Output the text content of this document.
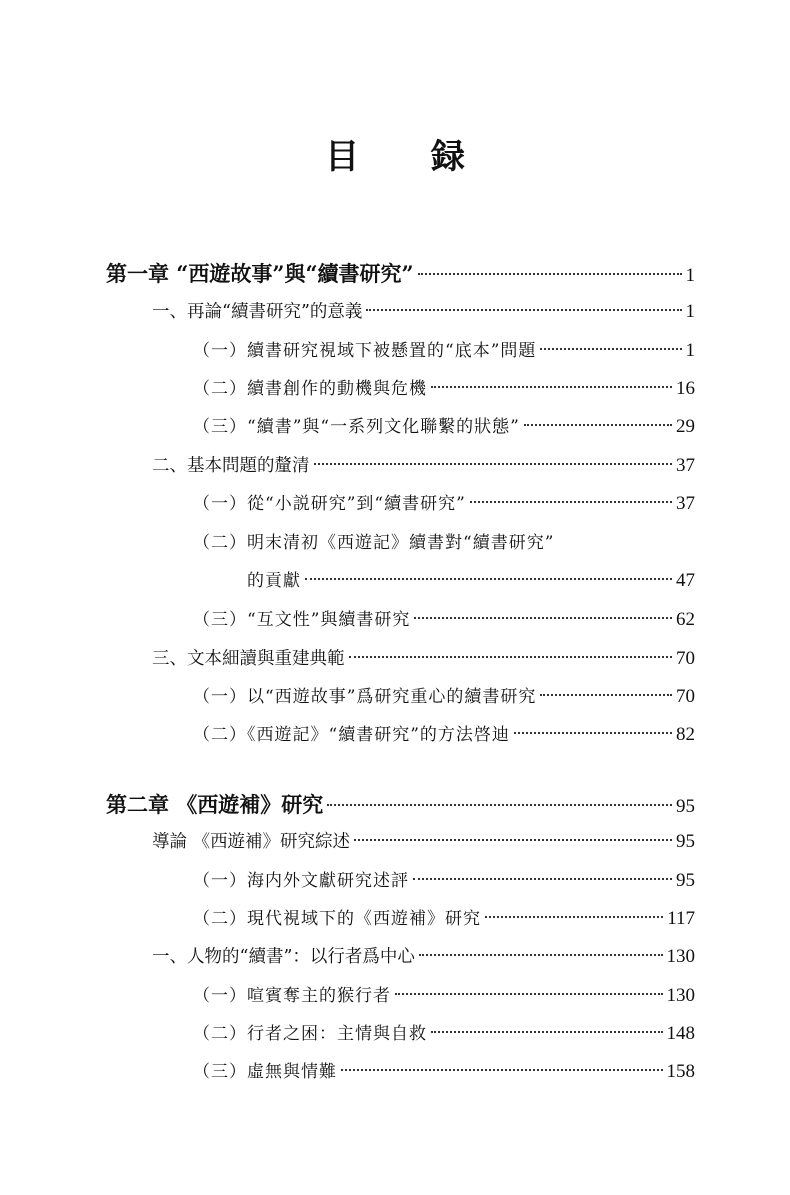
目 録
第一章 “西遊故事”與“續書研究”	1
一、再論“續書研究”的意義	1
（一）續書研究視域下被懸置的“底本”問題	1
（二）續書創作的動機與危機	16
（三）“續書”與“一系列文化聯繫的狀態”	29
二、基本問題的釐清	37
（一）從“小説研究”到“續書研究”	37
（二）明末清初《西遊記》續書對“續書研究”
的貢獻	47
（三）“互文性”與續書研究	62
三、文本細讀與重建典範	70
（一）以“西遊故事”爲研究重心的續書研究	70
（二）《西遊記》“續書研究”的方法啓迪	82
第二章 《西遊補》研究	95
導論 《西遊補》研究綜述	95
（一）海内外文獻研究述評	95
（二）現代視域下的《西遊補》研究	117
一、人物的“續書”：以行者爲中心	130
（一）喧賓奪主的猴行者	130
（二）行者之困：主情與自救	148
（三）虛無與情難	158
